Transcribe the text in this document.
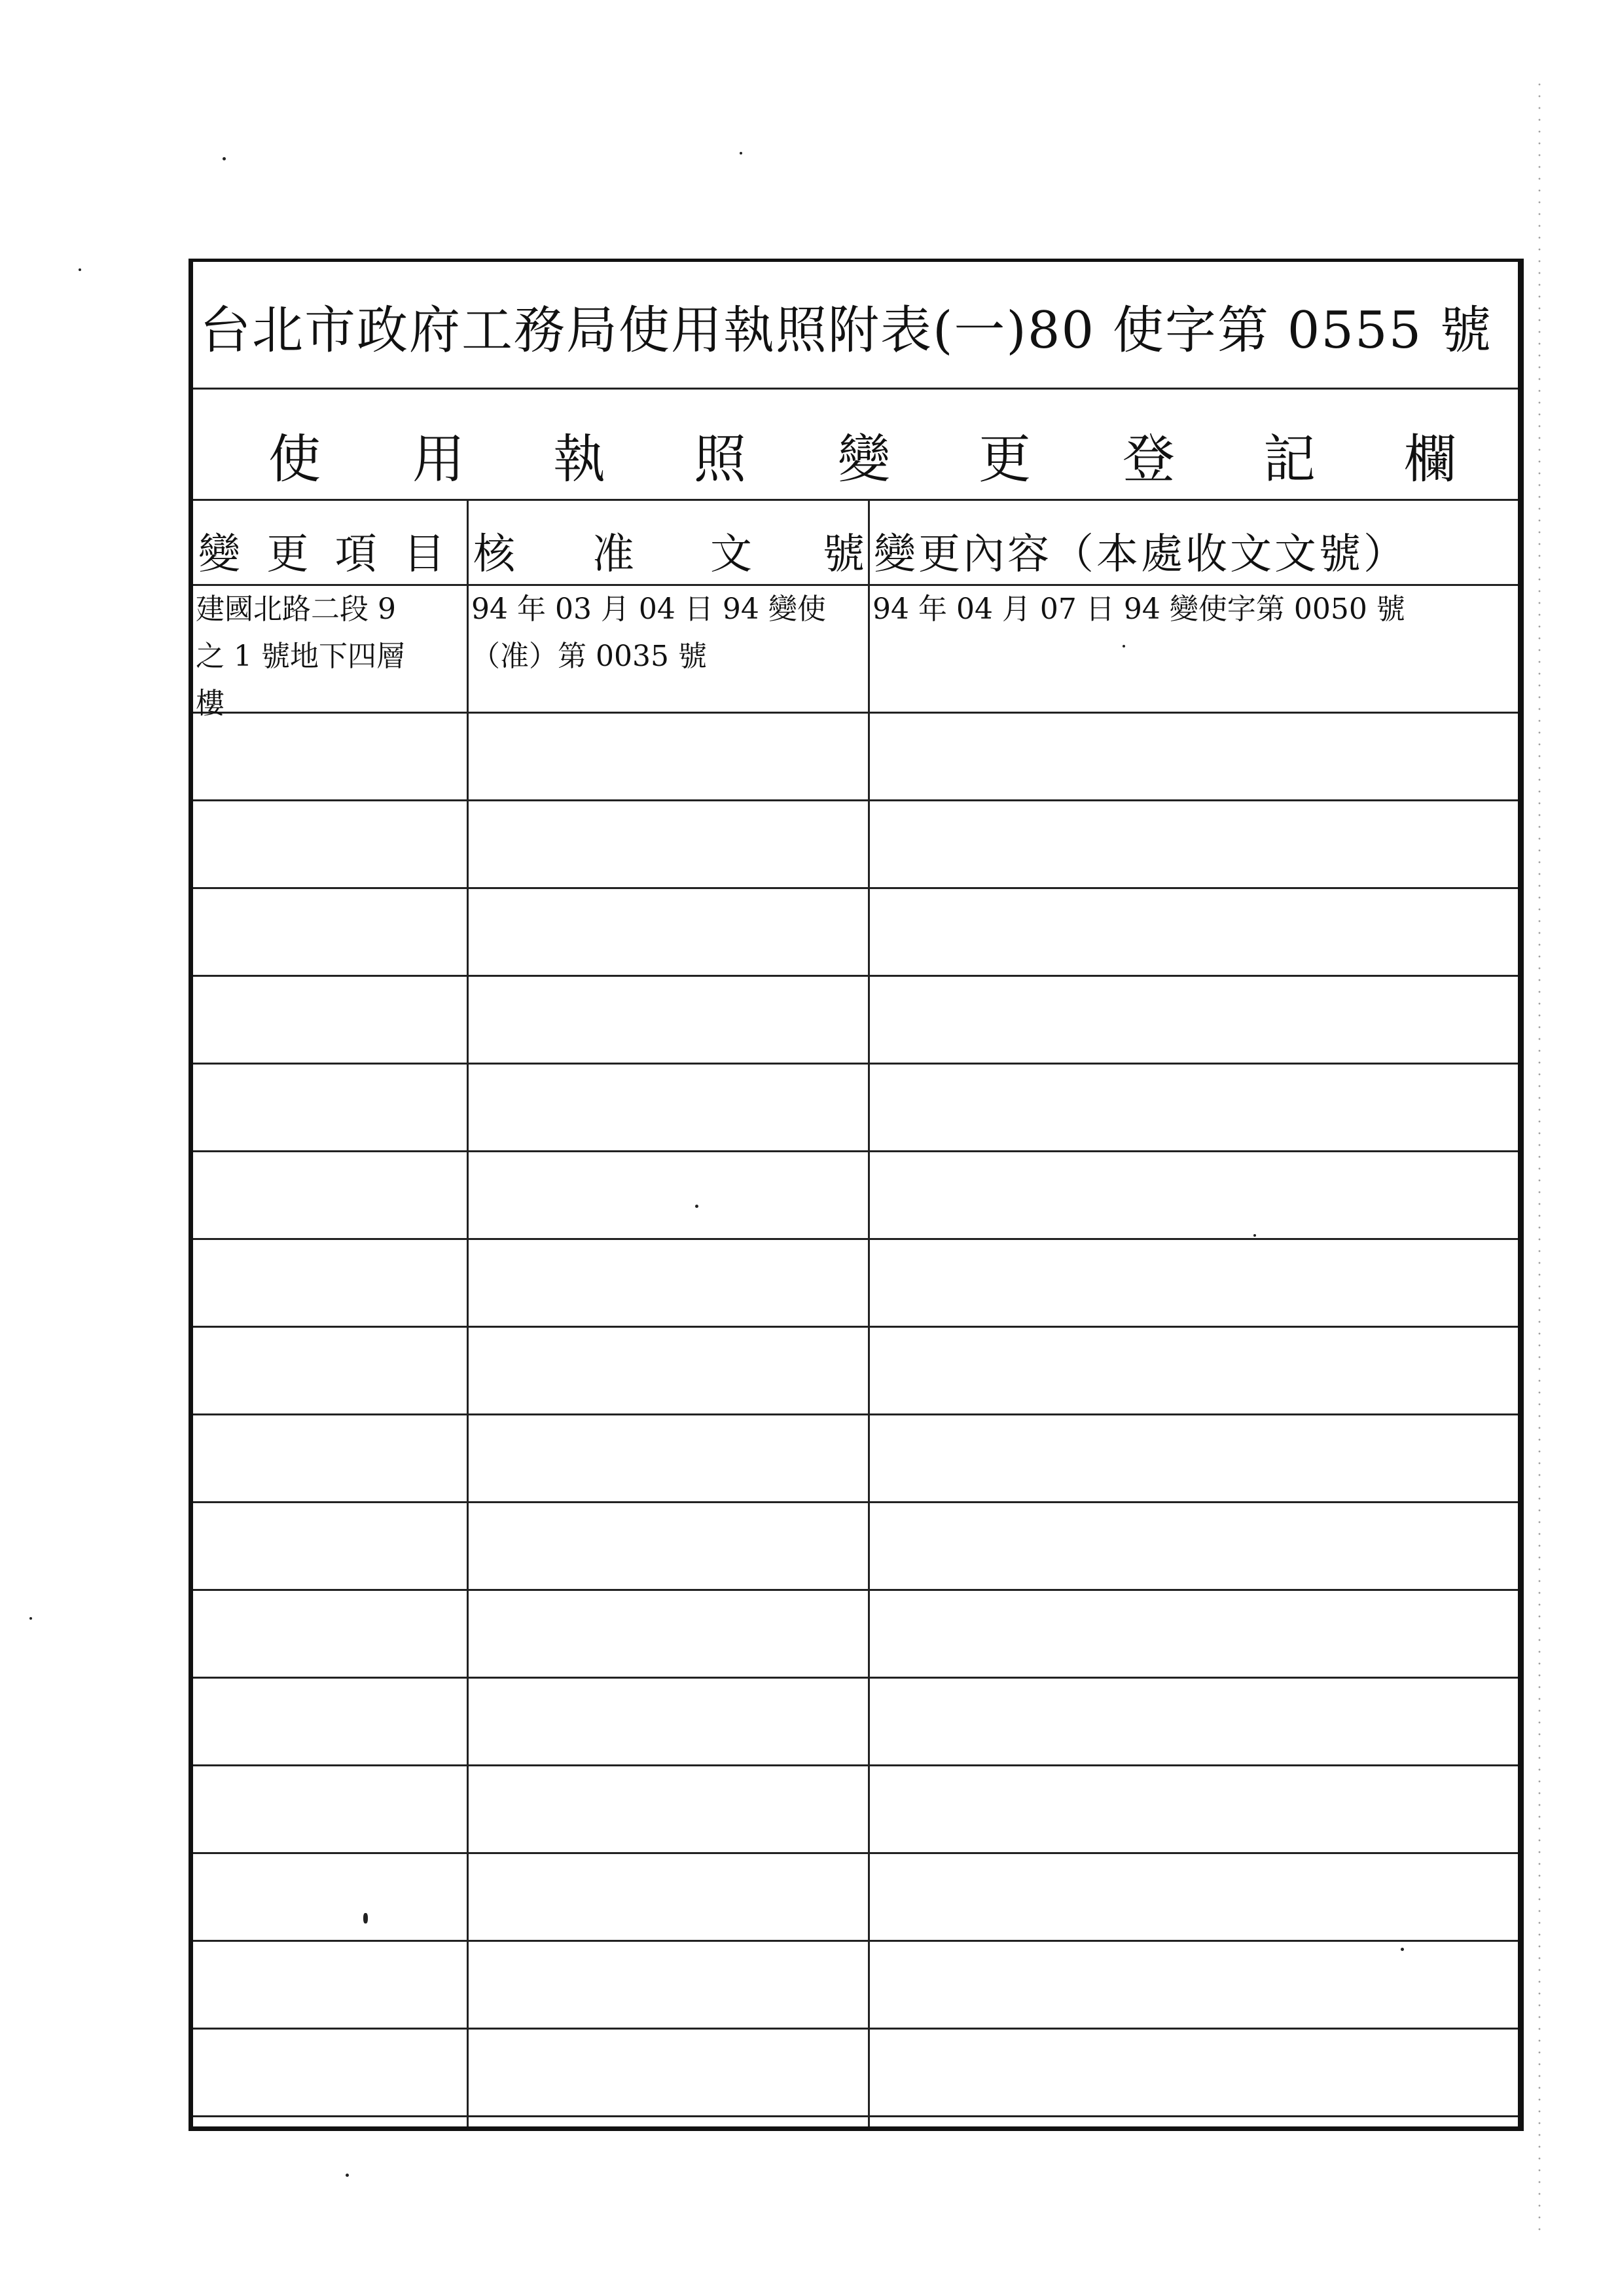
台北市政府工務局使用執照附表(一)80 使字第 0555 號
使 用 執 照 變 更 登 記 欄
變 更 項 目 核 准 文 號 變更內容（本處收文文號）
建國北路二段 9
之 1 號地下四層
樓
94 年 03 月 04 日 94 變使
（准）第 0035 號
94 年 04 月 07 日 94 變使字第 0050 號
